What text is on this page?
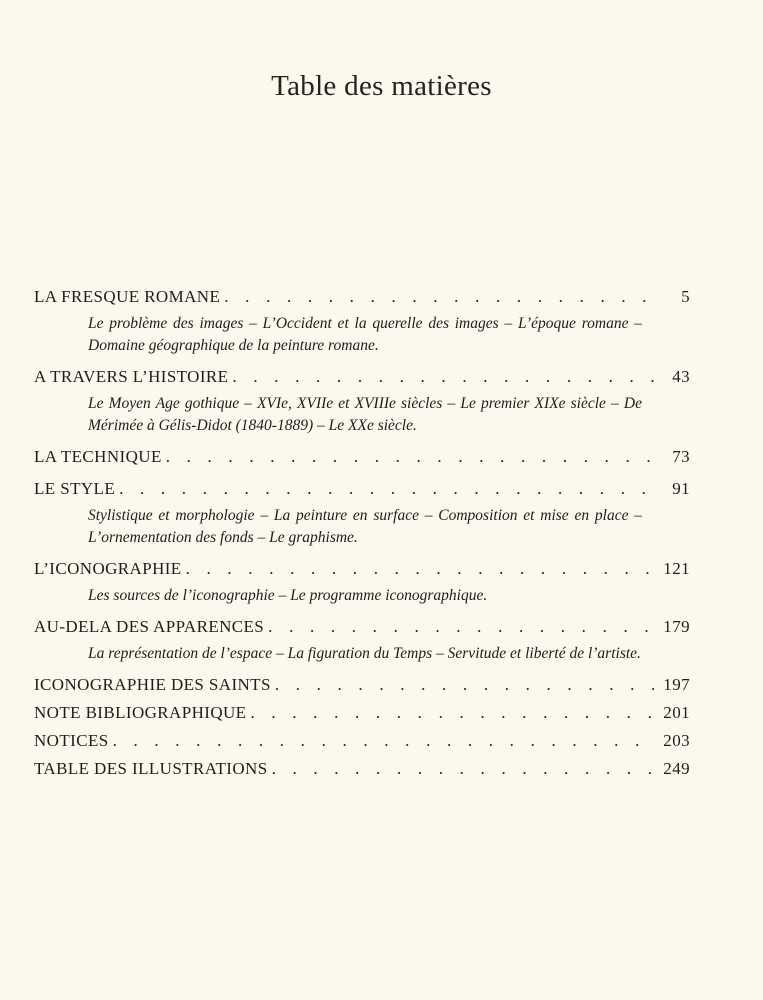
Table des matières
LA FRESQUE ROMANE . . .	5
Le problème des images – L’Occident et la querelle des images – L’époque romane – Domaine géographique de la peinture romane.
A TRAVERS L’HISTOIRE . . .	43
Le Moyen Age gothique – XVIe, XVIIe et XVIIIe siècles – Le premier XIXe siècle – De Mérimée à Gélis-Didot (1840-1889) – Le XXe siècle.
LA TECHNIQUE . . .	73
LE STYLE . . .	91
Stylistique et morphologie – La peinture en surface – Composition et mise en place – L’ornementation des fonds – Le graphisme.
L’ICONOGRAPHIE . . .	121
Les sources de l’iconographie – Le programme iconographique.
AU-DELA DES APPARENCES . . .	179
La représentation de l’espace – La figuration du Temps – Servitude et liberté de l’artiste.
ICONOGRAPHIE DES SAINTS . . .	197
NOTE BIBLIOGRAPHIQUE . . .	201
NOTICES . . .	203
TABLE DES ILLUSTRATIONS . . .	249
